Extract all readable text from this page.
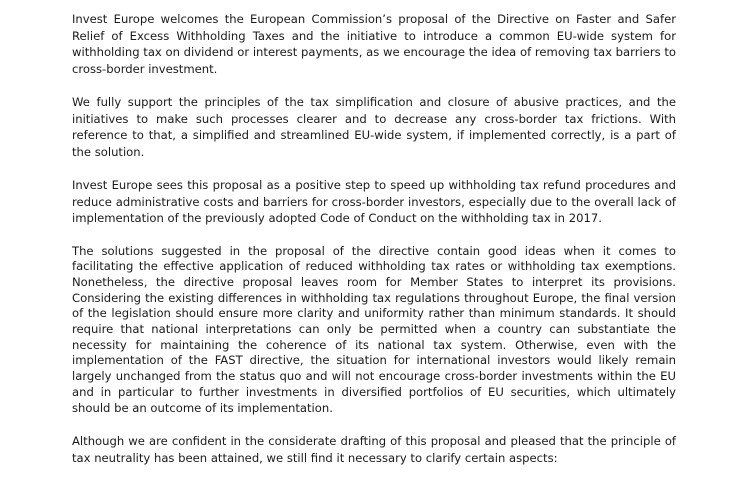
Invest Europe welcomes the European Commission’s proposal of the Directive on Faster and Safer Relief of Excess Withholding Taxes and the initiative to introduce a common EU-wide system for withholding tax on dividend or interest payments, as we encourage the idea of removing tax barriers to cross-border investment.

We fully support the principles of the tax simplification and closure of abusive practices, and the initiatives to make such processes clearer and to decrease any cross-border tax frictions. With reference to that, a simplified and streamlined EU-wide system, if implemented correctly, is a part of the solution.

Invest Europe sees this proposal as a positive step to speed up withholding tax refund procedures and reduce administrative costs and barriers for cross-border investors, especially due to the overall lack of implementation of the previously adopted Code of Conduct on the withholding tax in 2017.

The solutions suggested in the proposal of the directive contain good ideas when it comes to facilitating the effective application of reduced withholding tax rates or withholding tax exemptions. Nonetheless, the directive proposal leaves room for Member States to interpret its provisions. Considering the existing differences in withholding tax regulations throughout Europe, the final version of the legislation should ensure more clarity and uniformity rather than minimum standards. It should require that national interpretations can only be permitted when a country can substantiate the necessity for maintaining the coherence of its national tax system. Otherwise, even with the implementation of the FAST directive, the situation for international investors would likely remain largely unchanged from the status quo and will not encourage cross-border investments within the EU and in particular to further investments in diversified portfolios of EU securities, which ultimately should be an outcome of its implementation.

Although we are confident in the considerate drafting of this proposal and pleased that the principle of tax neutrality has been attained, we still find it necessary to clarify certain aspects:
